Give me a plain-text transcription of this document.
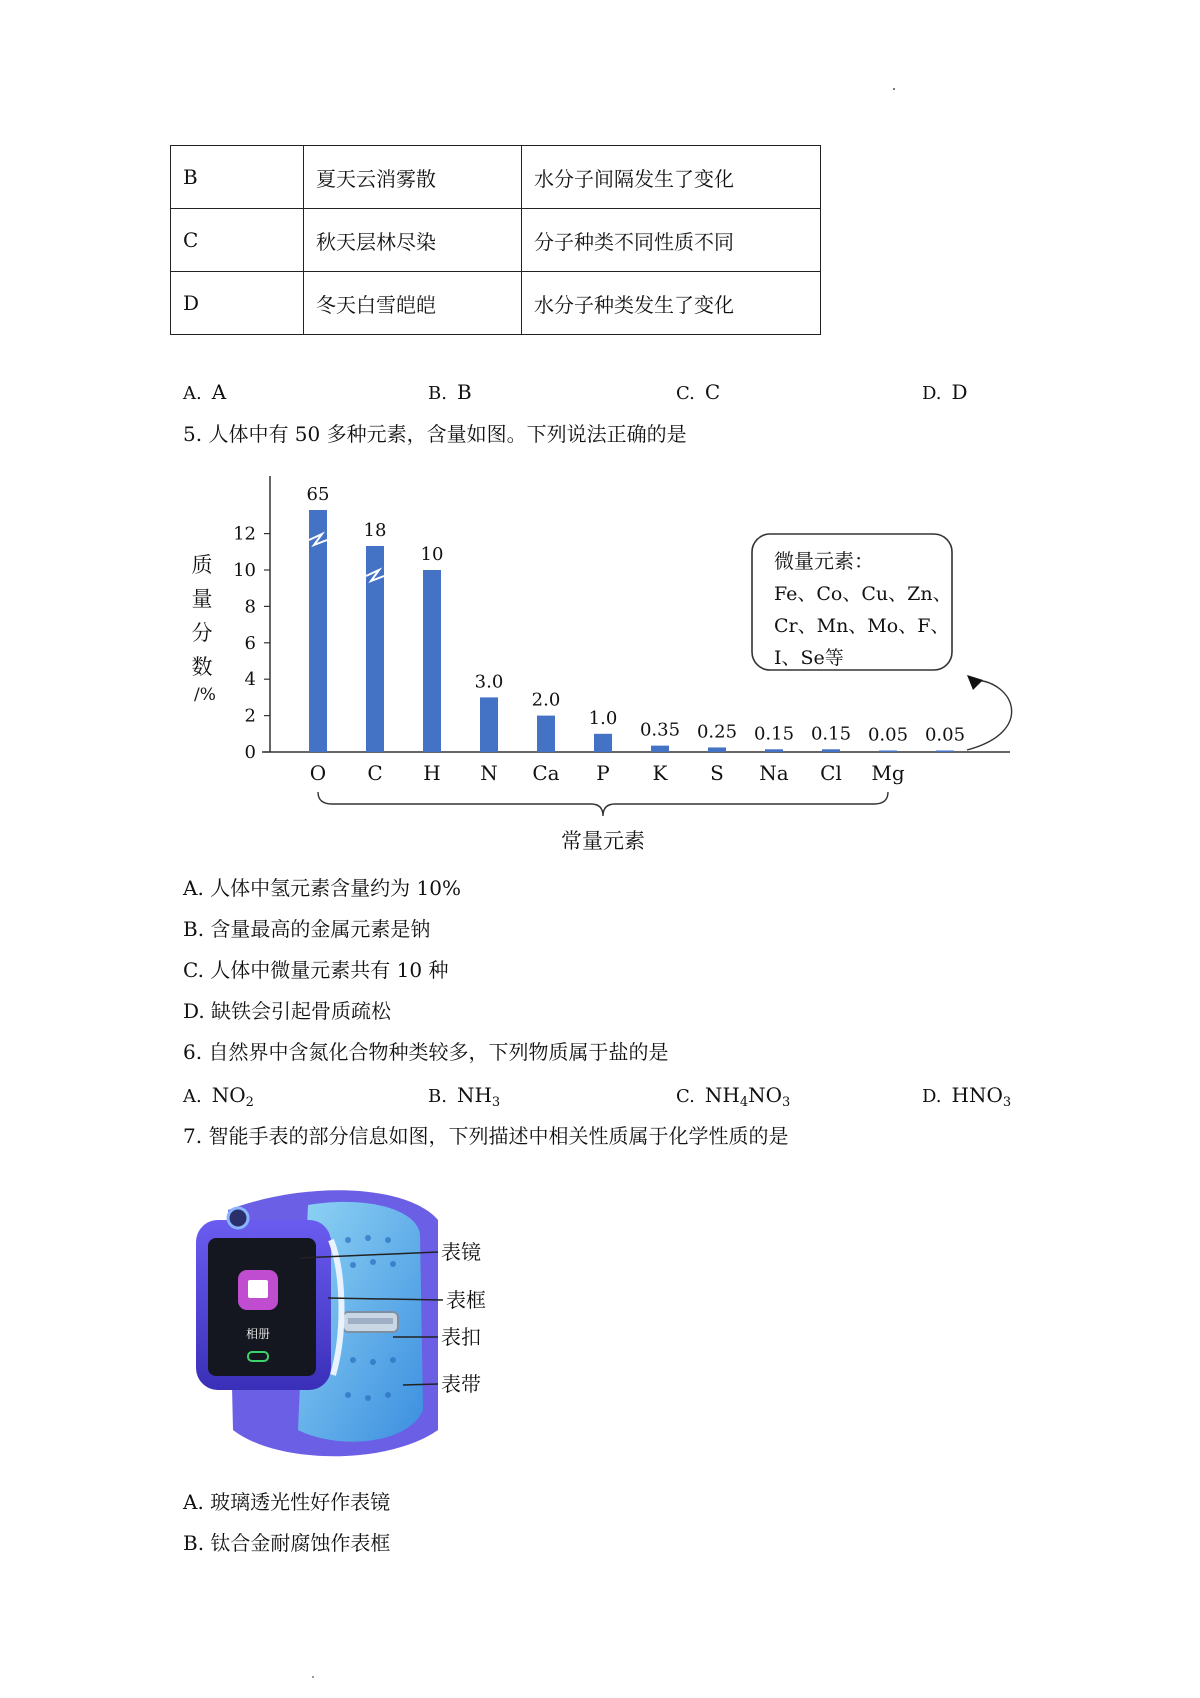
B	夏天云消雾散	水分子间隔发生了变化
C	秋天层林尽染	分子种类不同性质不同
D	冬天白雪皑皑	水分子种类发生了变化
A. A	B. B	C. C	D. D
5. 人体中有 50 多种元素，含量如图。下列说法正确的是
0
2
4
6
8
10
12
质
量
分
数
/%
65
O
18
C
10
H
3.0
N
2.0
Ca
1.0
P
0.35
K
0.25
S
0.15
Na
0.15
Cl
0.05
Mg
0.05
常量元素
微量元素：
Fe、Co、Cu、Zn、
Cr、Mn、Mo、F、
I、Se等
A. 人体中氢元素含量约为 10%
B. 含量最高的金属元素是钠
C. 人体中微量元素共有 10 种
D. 缺铁会引起骨质疏松
6. 自然界中含氮化合物种类较多，下列物质属于盐的是
A. $NO_2$	B. $NH_3$	C. $NH_4NO_3$	D. $HNO_3$
7. 智能手表的部分信息如图，下列描述中相关性质属于化学性质的是
相册
表镜
表框
表扣
表带
A. 玻璃透光性好作表镜
B. 钛合金耐腐蚀作表框
